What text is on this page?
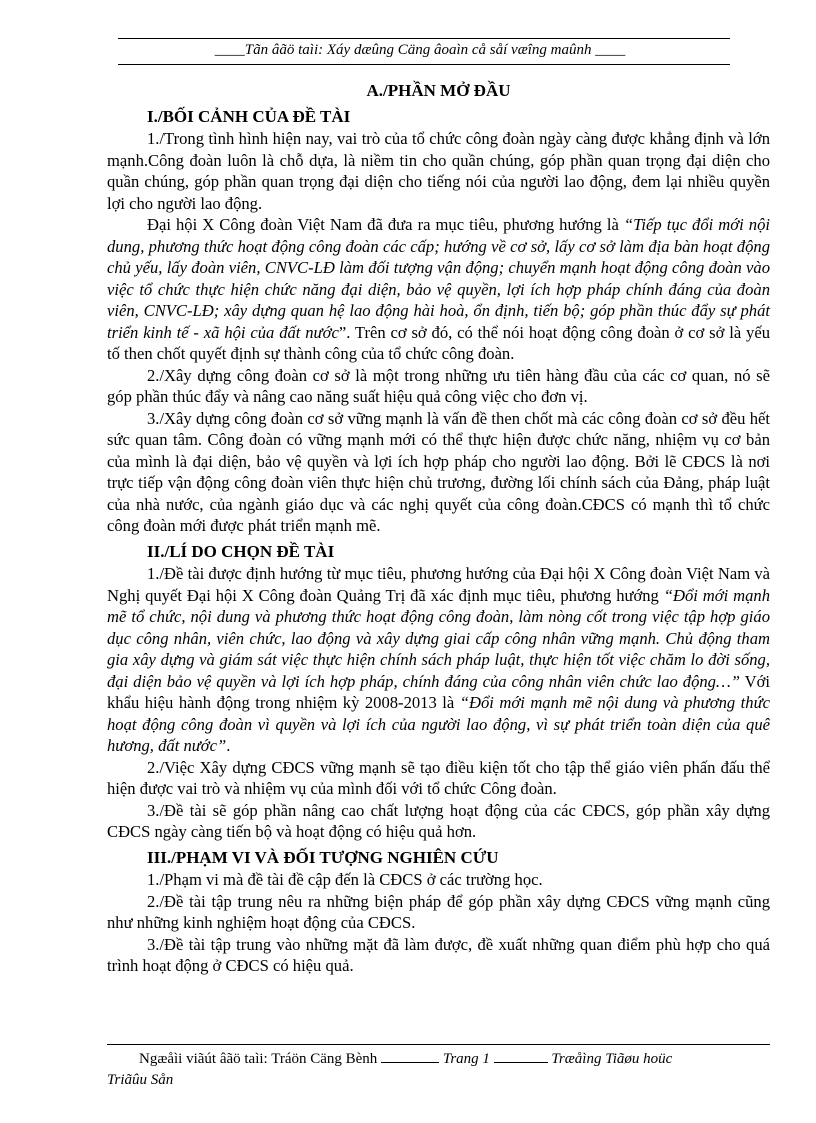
____Tãn âãö taìi: Xáy dæûng Cäng âoaìn cå såí væîng maûnh ____
A./PHẦN MỞ ĐẦU
I./BỐI CẢNH CỦA ĐỀ TÀI

1./Trong tình hình hiện nay, vai trò của tổ chức công đoàn ngày càng được khẳng định và lớn mạnh.Công đoàn luôn là chỗ dựa, là niềm tin cho quần chúng, góp phần quan trọng đại diện cho quần chúng, góp phần quan trọng đại diện cho tiếng nói của người lao động, đem lại nhiều quyền lợi cho người lao động.

Đại hội X Công đoàn Việt Nam đã đưa ra mục tiêu, phương hướng là “Tiếp tục đổi mới nội dung, phương thức hoạt động công đoàn các cấp; hướng về cơ sở, lấy cơ sở làm địa bàn hoạt động chủ yếu, lấy đoàn viên, CNVC-LĐ làm đối tượng vận động; chuyển mạnh hoạt động công đoàn vào việc tổ chức thực hiện chức năng đại diện, bảo vệ quyền, lợi ích hợp pháp chính đáng của đoàn viên, CNVC-LĐ; xây dựng quan hệ lao động hài hoà, ổn định, tiến bộ; góp phần thúc đẩy sự phát triển kinh tế - xã hội của đất nước”. Trên cơ sở đó, có thể nói hoạt động công đoàn ở cơ sở là yếu tố then chốt quyết định sự thành công của tổ chức công đoàn.

2./Xây dựng công đoàn cơ sở là một trong những ưu tiên hàng đầu của các cơ quan, nó sẽ góp phần thúc đẩy và nâng cao năng suất hiệu quả công việc cho đơn vị.

3./Xây dựng công đoàn cơ sở vững mạnh là vấn đề then chốt mà các công đoàn cơ sở đều hết sức quan tâm. Công đoàn có vững mạnh mới có thể thực hiện được chức năng, nhiệm vụ cơ bản của mình là đại diện, bảo vệ quyền và lợi ích hợp pháp cho người lao động. Bởi lẽ CĐCS là nơi trực tiếp vận động công đoàn viên thực hiện chủ trương, đường lối chính sách của Đảng, pháp luật của nhà nước, của ngành giáo dục và các nghị quyết của công đoàn.CĐCS có mạnh thì tổ chức công đoàn mới được phát triển mạnh mẽ.

II./LÍ DO CHỌN ĐỀ TÀI

1./Đề tài được định hướng từ mục tiêu, phương hướng của Đại hội X Công đoàn Việt Nam và Nghị quyết Đại hội X Công đoàn Quảng Trị đã xác định mục tiêu, phương hướng “Đổi mới mạnh mẽ tổ chức, nội dung và phương thức hoạt động công đoàn, làm nòng cốt trong việc tập hợp giáo dục công nhân, viên chức, lao động và xây dựng giai cấp công nhân vững mạnh. Chủ động tham gia xây dựng và giám sát việc thực hiện chính sách pháp luật, thực hiện tốt việc chăm lo đời sống, đại diện bảo vệ quyền và lợi ích hợp pháp, chính đáng của công nhân viên chức lao động…” Với khẩu hiệu hành động trong nhiệm kỳ 2008-2013 là “Đổi mới mạnh mẽ nội dung và phương thức hoạt động công đoàn vì quyền và lợi ích của người lao động, vì sự phát triển toàn diện của quê hương, đất nước”.

2./Việc Xây dựng CĐCS vững mạnh sẽ tạo điều kiện tốt cho tập thể giáo viên phấn đấu thể hiện được vai trò và nhiệm vụ của mình đối với tổ chức Công đoàn.

3./Đề tài sẽ góp phần nâng cao chất lượng hoạt động của các CĐCS, góp phần xây dựng CĐCS ngày càng tiến bộ và hoạt động có hiệu quả hơn.

III./PHẠM VI VÀ ĐỐI TƯỢNG NGHIÊN CỨU

1./Phạm vi mà đề tài đề cập đến là CĐCS ở các trường học.

2./Đề tài tập trung nêu ra những biện pháp để góp phần xây dựng CĐCS vững mạnh cũng như những kinh nghiệm hoạt động của CĐCS.

3./Đề tài tập trung vào những mặt đã làm được, đề xuất những quan điểm phù hợp cho quá trình hoạt động ở CĐCS có hiệu quả.

Ngæåìi viãút âãö taìi: Tráön Cäng Bènh	Trang 1	Træåìng Tiãøu hoüc
Triãûu Sån
